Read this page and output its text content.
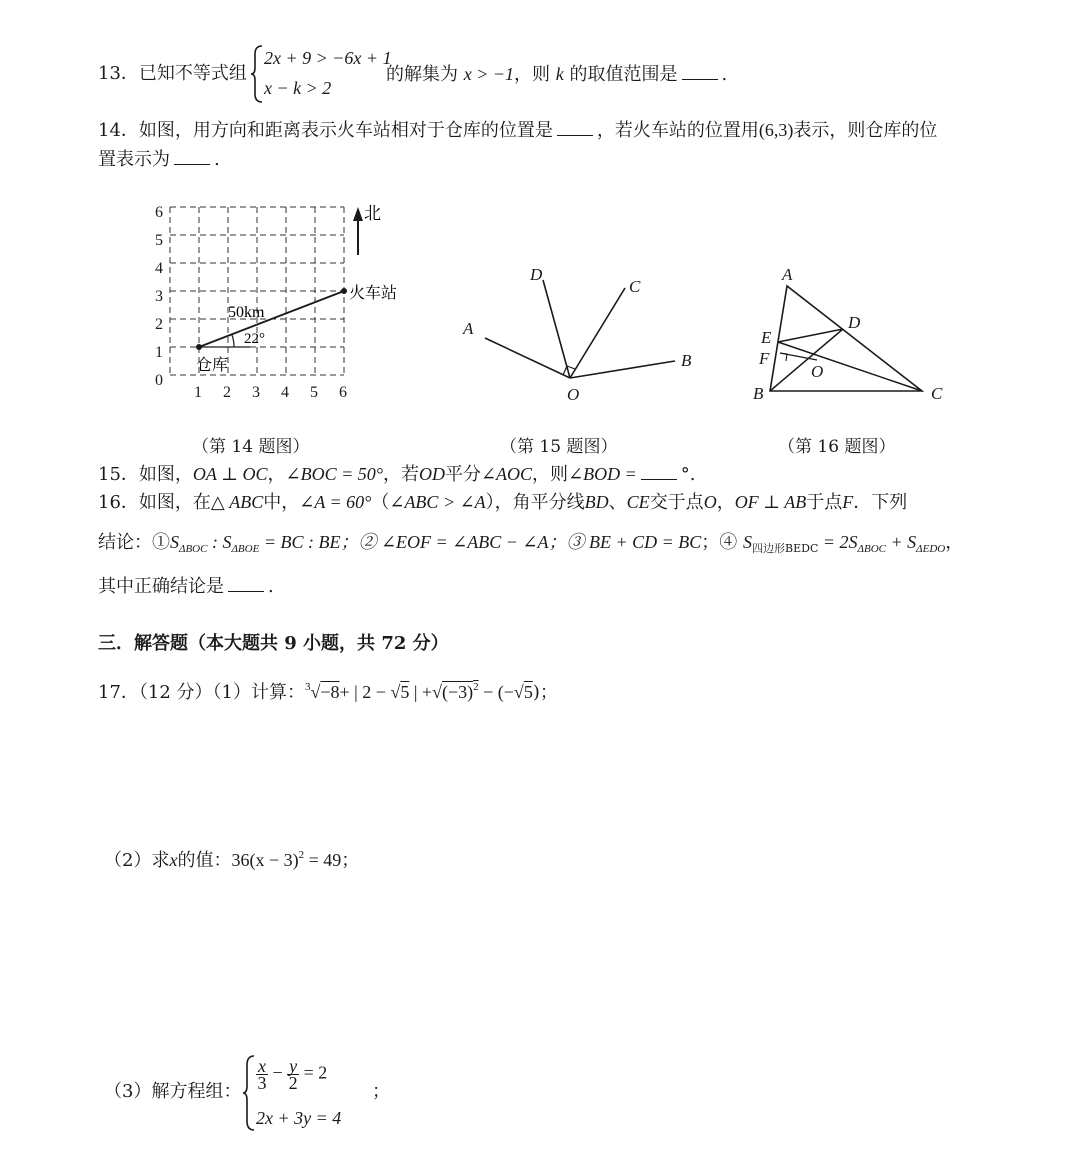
13．已知不等式组
2x + 9 > −6x + 1
x − k > 2
的解集为 x > −1，则 k 的取值范围是 .
14．如图，用方向和距离表示火车站相对于仓库的位置是 ，若火车站的位置用(6,3)表示，则仓库的位
置表示为 .
0
1
2
3
4
5
6
1 2 3 4 5 6
北
火车站
仓库
50km
22°
A
D
C
B
O
A
D
E
F
O
B	C
（第 14 题图）	（第 15 题图）	（第 16 题图）
15．如图，OA ⊥ OC，∠BOC = 50°，若OD平分∠AOC，则∠BOD = °.
16．如图，在△ ABC中，∠A = 60°（∠ABC > ∠A），角平分线BD、CE交于点O，OF ⊥ AB于点F．下列
结论：$①S_{\Delta BOC}$ : $S_{\Delta BOE}$ = BC : BE；② ∠EOF = ∠ABC − ∠A；③ BE + CD = BC；④ $S_{四边形BEDC} = 2S_{\Delta BOC} + S_{\Delta EDO}$，
其中正确结论是 .
三．解答题（本大题共 9 小题，共 72 分）
17．（12 分）（1）计算：$^3$√−8+ | 2 − √5 | $+√(-3)^2 - (-√5)$；
（2）求x的值：$36(x - 3)^2 = 49$；
（3）解方程组：
$\frac{x}{3} - \frac{y}{2} = 2$
2x + 3y = 4
；
